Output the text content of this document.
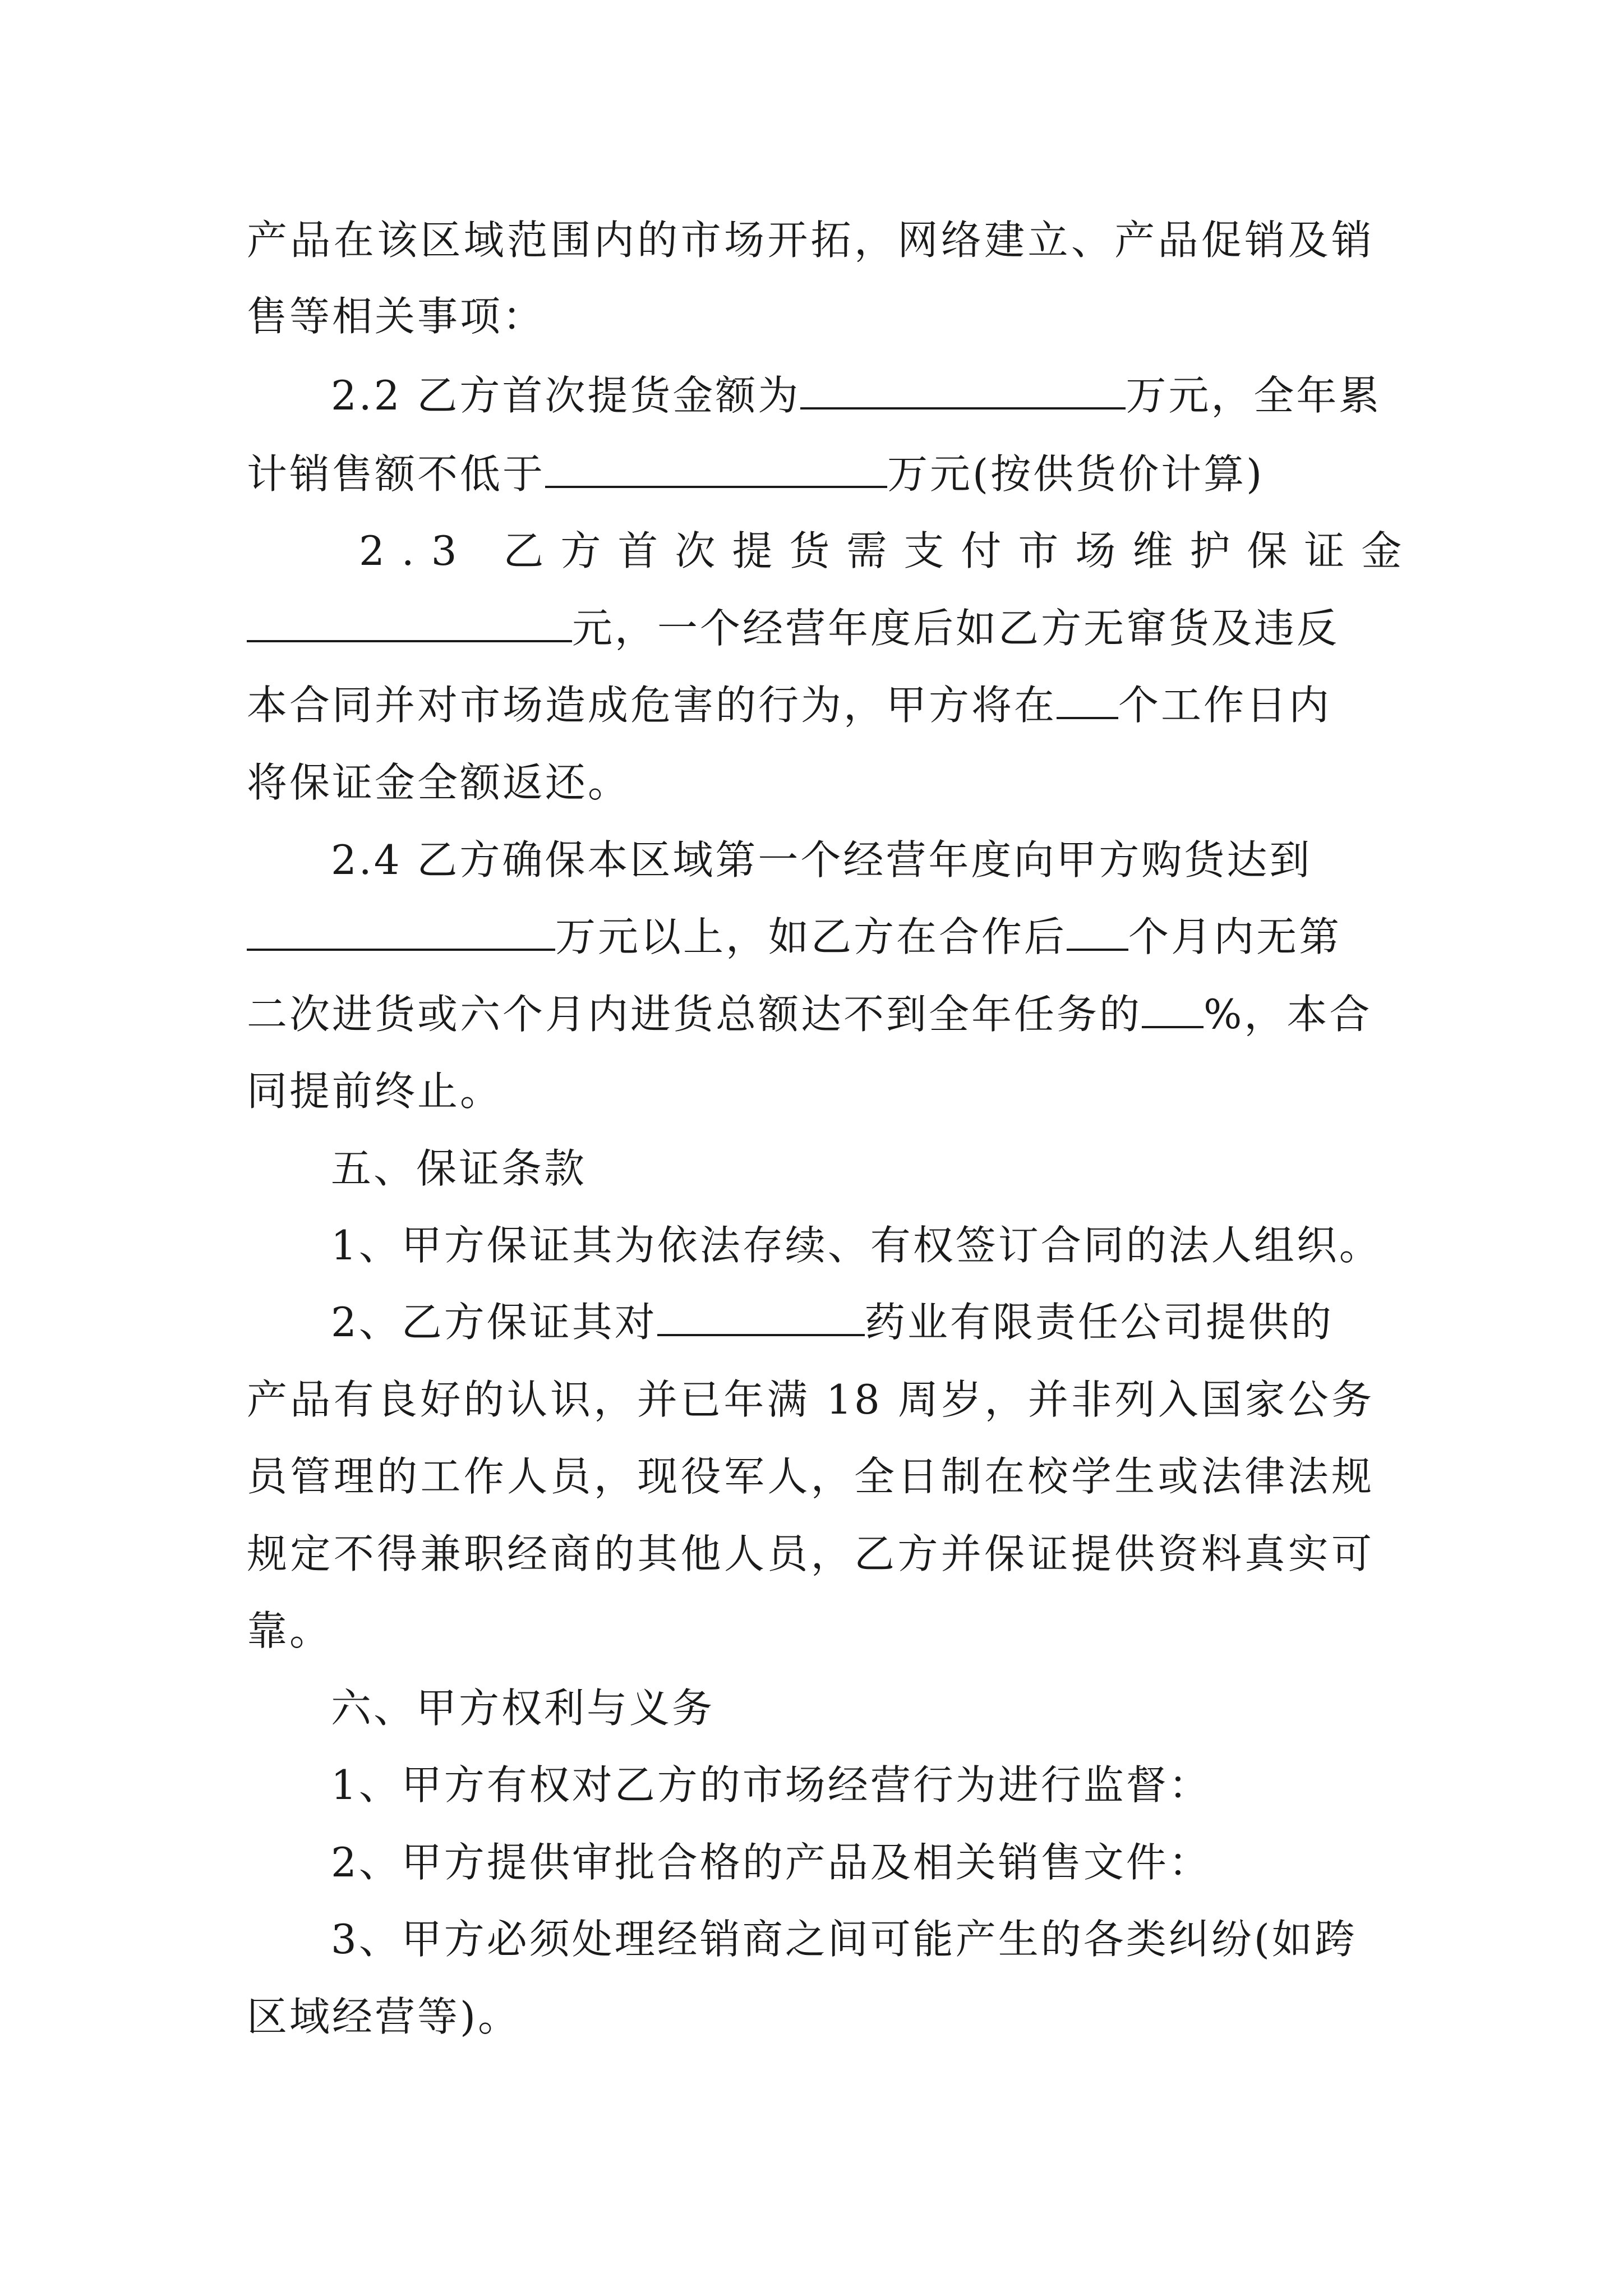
产品在该区域范围内的市场开拓，网络建立、产品促销及销
售等相关事项：
2.2 乙方首次提货金额为	万元，全年累
计销售额不低于	万元(按供货价计算)
2.3 乙方首次提货需支付市场维护保证金
元，一个经营年度后如乙方无窜货及违反
本合同并对市场造成危害的行为，甲方将在 个工作日内
将保证金全额返还。
2.4 乙方确保本区域第一个经营年度向甲方购货达到
万元以上，如乙方在合作后 个月内无第
二次进货或六个月内进货总额达不到全年任务的 %，本合
同提前终止。
五、保证条款
1、甲方保证其为依法存续、有权签订合同的法人组织。
2、乙方保证其对	药业有限责任公司提供的
产品有良好的认识，并已年满 18 周岁，并非列入国家公务
员管理的工作人员，现役军人，全日制在校学生或法律法规
规定不得兼职经商的其他人员，乙方并保证提供资料真实可
靠。
六、甲方权利与义务
1、甲方有权对乙方的市场经营行为进行监督：
2、甲方提供审批合格的产品及相关销售文件：
3、甲方必须处理经销商之间可能产生的各类纠纷(如跨
区域经营等)。
